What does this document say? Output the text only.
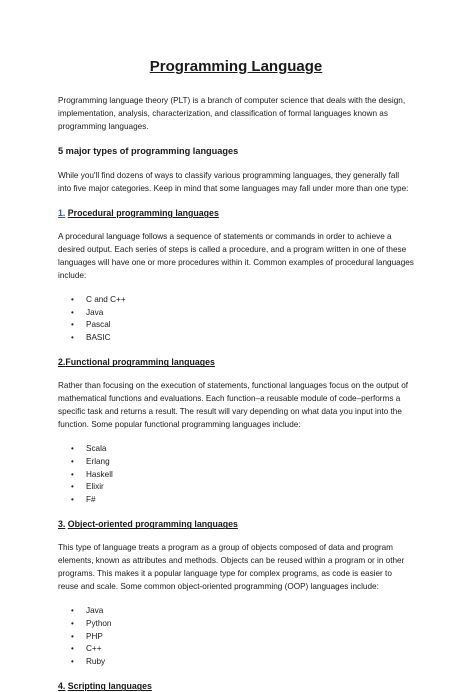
Programming Language

Programming language theory (PLT) is a branch of computer science that deals with the design, implementation, analysis, characterization, and classification of formal languages known as programming languages.

5 major types of programming languages

While you'll find dozens of ways to classify various programming languages, they generally fall into five major categories. Keep in mind that some languages may fall under more than one type:

1. Procedural programming languages

A procedural language follows a sequence of statements or commands in order to achieve a desired output. Each series of steps is called a procedure, and a program written in one of these languages will have one or more procedures within it. Common examples of procedural languages include:

• C and C++
• Java
• Pascal
• BASIC
2.Functional programming languages

Rather than focusing on the execution of statements, functional languages focus on the output of mathematical functions and evaluations. Each function–a reusable module of code–performs a specific task and returns a result. The result will vary depending on what data you input into the function. Some popular functional programming languages include:

• Scala
• Erlang
• Haskell
• Elixir
• F#
3. Object-oriented programming languages

This type of language treats a program as a group of objects composed of data and program elements, known as attributes and methods. Objects can be reused within a program or in other programs. This makes it a popular language type for complex programs, as code is easier to reuse and scale. Some common object-oriented programming (OOP) languages include:

• Java
• Python
• PHP
• C++
• Ruby
4. Scripting languages
